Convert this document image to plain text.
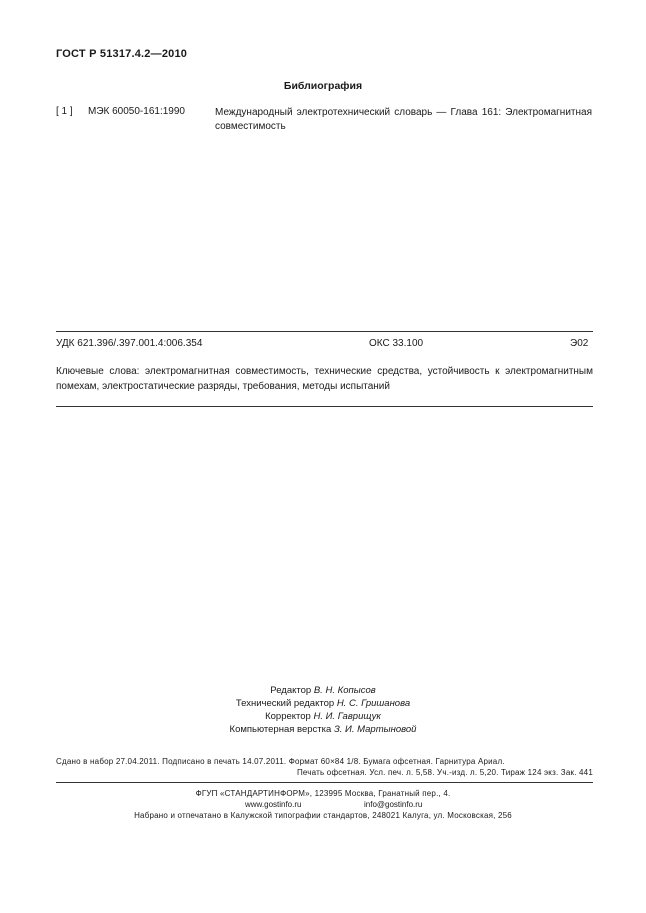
ГОСТ Р 51317.4.2—2010
Библиография
[ 1 ] МЭК 60050-161:1990	Международный электротехнический словарь — Глава 161: Электромагнитная совместимость
УДК 621.396/.397.001.4:006.354	ОКС 33.100	Э02
Ключевые слова: электромагнитная совместимость, технические средства, устойчивость к электромагнитным помехам, электростатические разряды, требования, методы испытаний
Редактор В. Н. Копысов
Технический редактор Н. С. Гришанова
Корректор Н. И. Гаврищук
Компьютерная верстка З. И. Мартыновой
Сдано в набор 27.04.2011. Подписано в печать 14.07.2011. Формат 60×84 1/8. Бумага офсетная. Гарнитура Ариал.
Печать офсетная. Усл. печ. л. 5,58. Уч.-изд. л. 5,20. Тираж 124 экз. Зак. 441
ФГУП «СТАНДАРТИНФОРМ», 123995 Москва, Гранатный пер., 4.
www.gostinfo.ru	info@gostinfo.ru
Набрано и отпечатано в Калужской типографии стандартов, 248021 Калуга, ул. Московская, 256
